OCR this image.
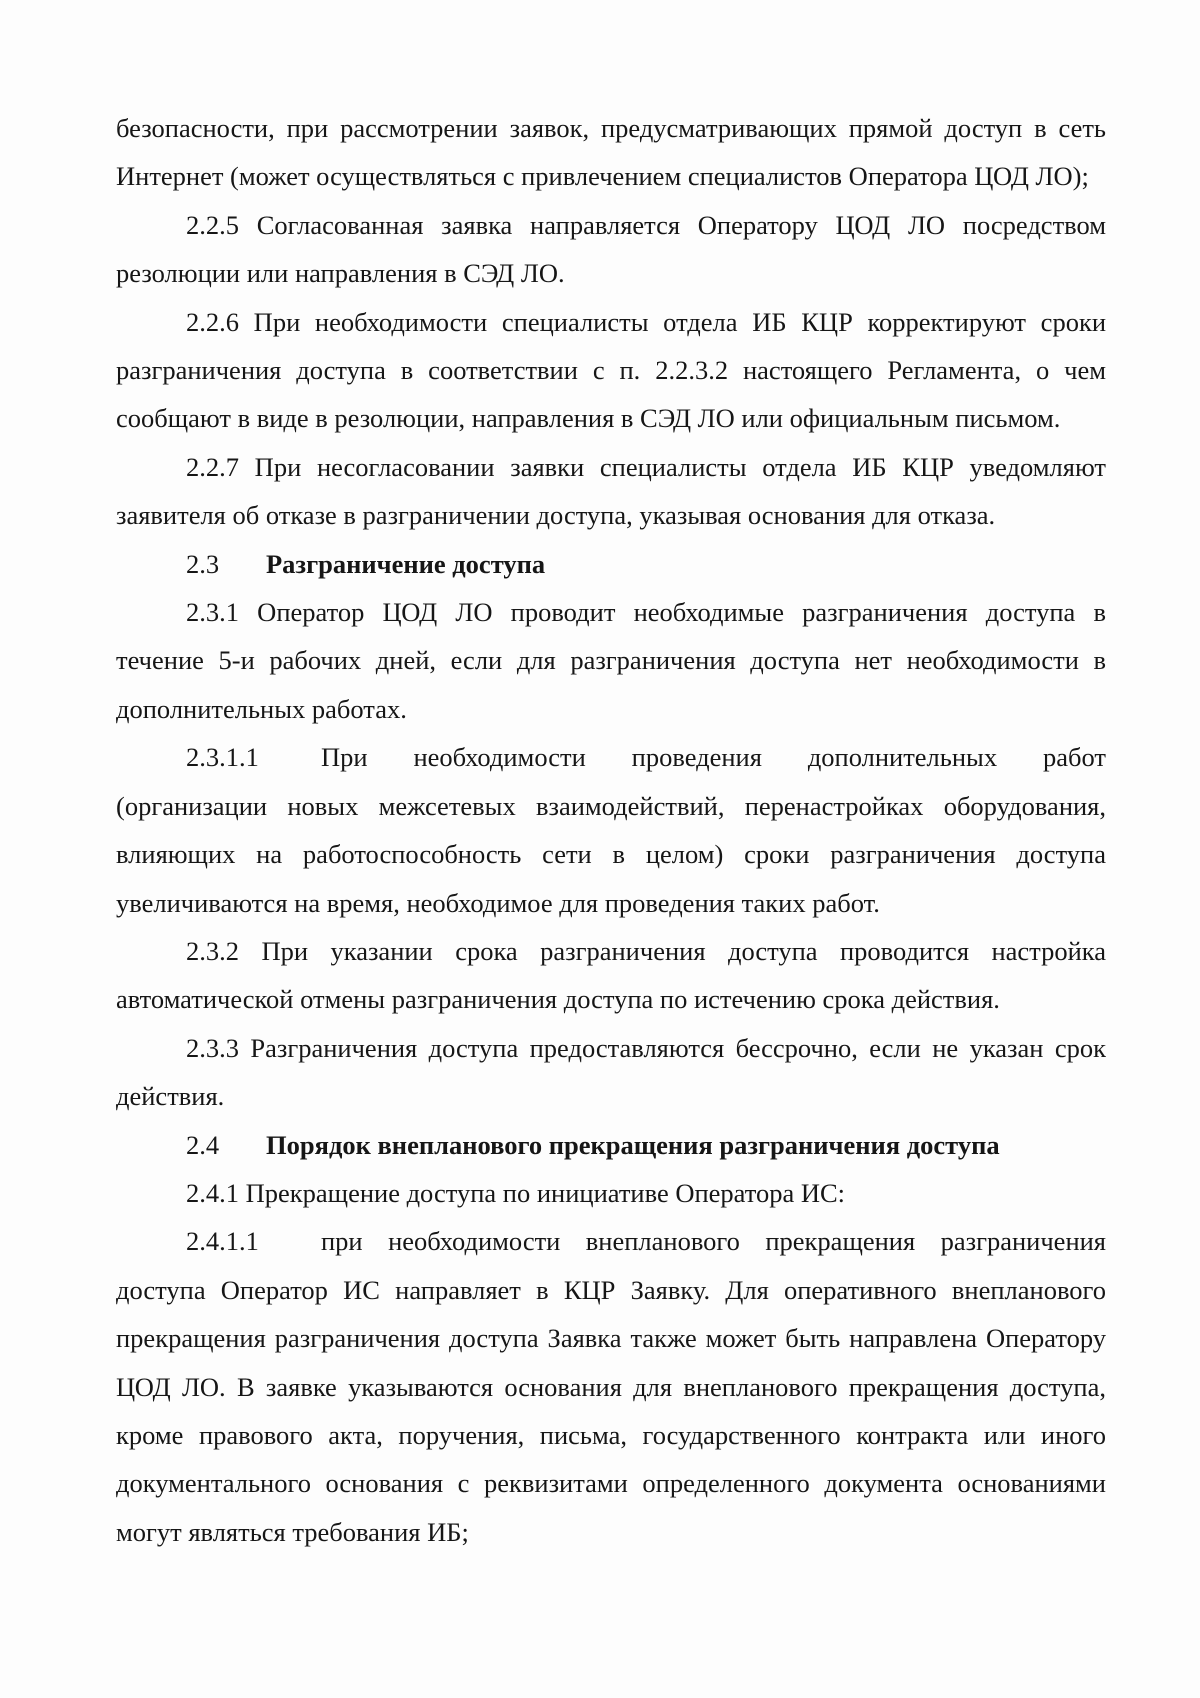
безопасности, при рассмотрении заявок, предусматривающих прямой доступ в сеть Интернет (может осуществляться с привлечением специалистов Оператора ЦОД ЛО);

2.2.5 Согласованная заявка направляется Оператору ЦОД ЛО посредством резолюции или направления в СЭД ЛО.

2.2.6 При необходимости специалисты отдела ИБ КЦР корректируют сроки разграничения доступа в соответствии с п. 2.2.3.2 настоящего Регламента, о чем сообщают в виде в резолюции, направления в СЭД ЛО или официальным письмом.

2.2.7 При несогласовании заявки специалисты отдела ИБ КЦР уведомляют заявителя об отказе в разграничении доступа, указывая основания для отказа.

2.3 Разграничение доступа

2.3.1 Оператор ЦОД ЛО проводит необходимые разграничения доступа в течение 5-и рабочих дней, если для разграничения доступа нет необходимости в дополнительных работах.

2.3.1.1	При необходимости проведения дополнительных работ

(организации новых межсетевых взаимодействий, перенастройках оборудования, влияющих на работоспособность сети в целом) сроки разграничения доступа увеличиваются на время, необходимое для проведения таких работ.

2.3.2 При указании срока разграничения доступа проводится настройка автоматической отмены разграничения доступа по истечению срока действия.

2.3.3 Разграничения доступа предоставляются бессрочно, если не указан срок действия.

2.4 Порядок внепланового прекращения разграничения доступа

2.4.1 Прекращение доступа по инициативе Оператора ИС:

2.4.1.1	при необходимости внепланового прекращения разграничения

доступа Оператор ИС направляет в КЦР Заявку. Для оперативного внепланового прекращения разграничения доступа Заявка также может быть направлена Оператору ЦОД ЛО. В заявке указываются основания для внепланового прекращения доступа, кроме правового акта, поручения, письма, государственного контракта или иного документального основания с реквизитами определенного документа основаниями могут являться требования ИБ;
